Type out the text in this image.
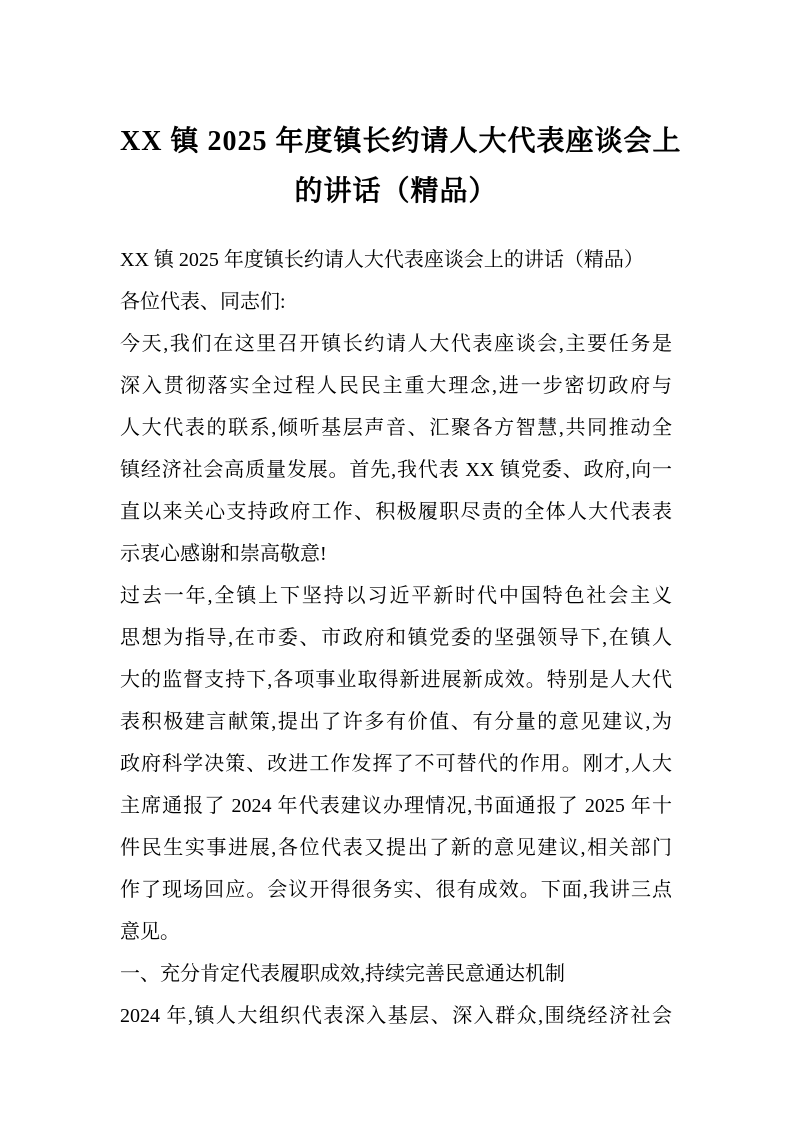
XX 镇 2025 年度镇长约请人大代表座谈会上
的讲话（精品）
XX 镇 2025 年度镇长约请人大代表座谈会上的讲话（精品）
各位代表、同志们:
今天,我们在这里召开镇长约请人大代表座谈会,主要任务是
深入贯彻落实全过程人民民主重大理念,进一步密切政府与
人大代表的联系,倾听基层声音、汇聚各方智慧,共同推动全
镇经济社会高质量发展。首先,我代表 XX 镇党委、政府,向一
直以来关心支持政府工作、积极履职尽责的全体人大代表表
示衷心感谢和崇高敬意!
过去一年,全镇上下坚持以习近平新时代中国特色社会主义
思想为指导,在市委、市政府和镇党委的坚强领导下,在镇人
大的监督支持下,各项事业取得新进展新成效。特别是人大代
表积极建言献策,提出了许多有价值、有分量的意见建议,为
政府科学决策、改进工作发挥了不可替代的作用。刚才,人大
主席通报了 2024 年代表建议办理情况,书面通报了 2025 年十
件民生实事进展,各位代表又提出了新的意见建议,相关部门
作了现场回应。会议开得很务实、很有成效。下面,我讲三点
意见。
一、充分肯定代表履职成效,持续完善民意通达机制
2024 年,镇人大组织代表深入基层、深入群众,围绕经济社会
